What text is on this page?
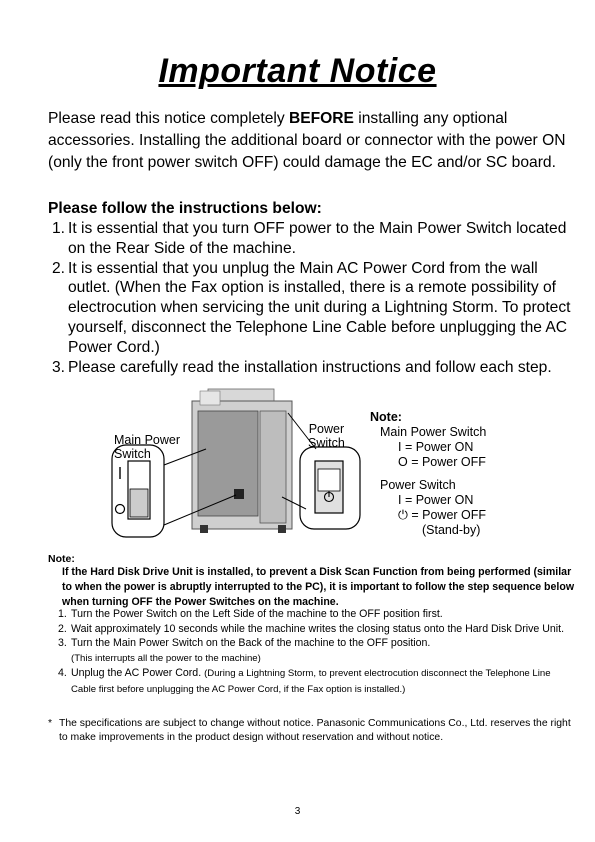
Important Notice
Please read this notice completely BEFORE installing any optional accessories. Installing the additional board or connector with the power ON (only the front power switch OFF) could damage the EC and/or SC board.
Please follow the instructions below:
1. It is essential that you turn OFF power to the Main Power Switch located on the Rear Side of the machine.
2. It is essential that you unplug the Main AC Power Cord from the wall outlet. (When the Fax option is installed, there is a remote possibility of electrocution when servicing the unit during a Lightning Storm. To protect yourself, disconnect the Telephone Line Cable before unplugging the AC Power Cord.)
3. Please carefully read the installation instructions and follow each step.
Main Power
Switch
Power
Switch
Note:
Main Power Switch
I = Power ON
O = Power OFF
Power Switch
I = Power ON
⏻ = Power OFF
(Stand-by)
Note:
If the Hard Disk Drive Unit is installed, to prevent a Disk Scan Function from being performed (similar to when the power is abruptly interrupted to the PC), it is important to follow the step sequence below when turning OFF the Power Switches on the machine.
1. Turn the Power Switch on the Left Side of the machine to the OFF position first.
2. Wait approximately 10 seconds while the machine writes the closing status onto the Hard Disk Drive Unit.
3. Turn the Main Power Switch on the Back of the machine to the OFF position.
(This interrupts all the power to the machine)
4. Unplug the AC Power Cord. (During a Lightning Storm, to prevent electrocution disconnect the Telephone Line Cable first before unplugging the AC Power Cord, if the Fax option is installed.)
* The specifications are subject to change without notice. Panasonic Communications Co., Ltd. reserves the right to make improvements in the product design without reservation and without notice.
3
